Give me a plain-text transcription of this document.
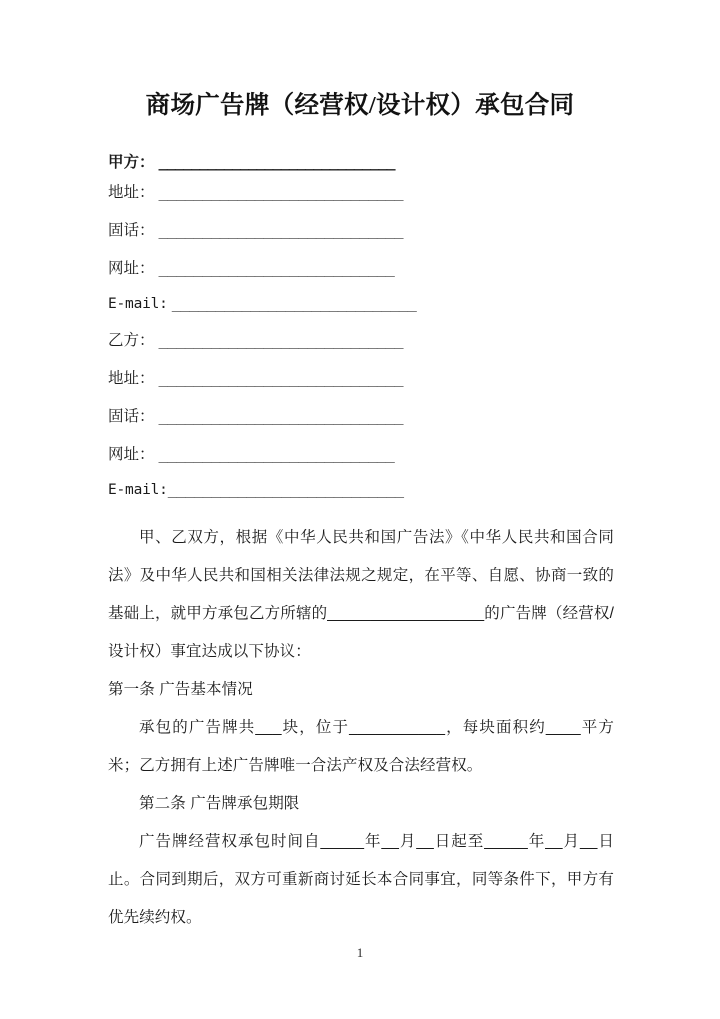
商场广告牌（经营权/设计权）承包合同
甲方： _____________________________
地址： ____________________________
固话： ____________________________
网址： ___________________________
E-mail: ____________________________
乙方： ____________________________
地址： ____________________________
固话： ____________________________
网址： ___________________________
E-mail: ___________________________

甲、乙双方，根据《中华人民共和国广告法》《中华人民共和国合同法》及中华人民共和国相关法律法规之规定，在平等、自愿、协商一致的基础上，就甲方承包乙方所辖的__________________的广告牌（经营权/设计权）事宜达成以下协议：

第一条 广告基本情况

承包的广告牌共___块，位于___________，每块面积约____平方米；乙方拥有上述广告牌唯一合法产权及合法经营权。

第二条 广告牌承包期限

广告牌经营权承包时间自_____年__月__日起至_____年__月__日止。合同到期后，双方可重新商讨延长本合同事宜，同等条件下，甲方有优先续约权。

1
